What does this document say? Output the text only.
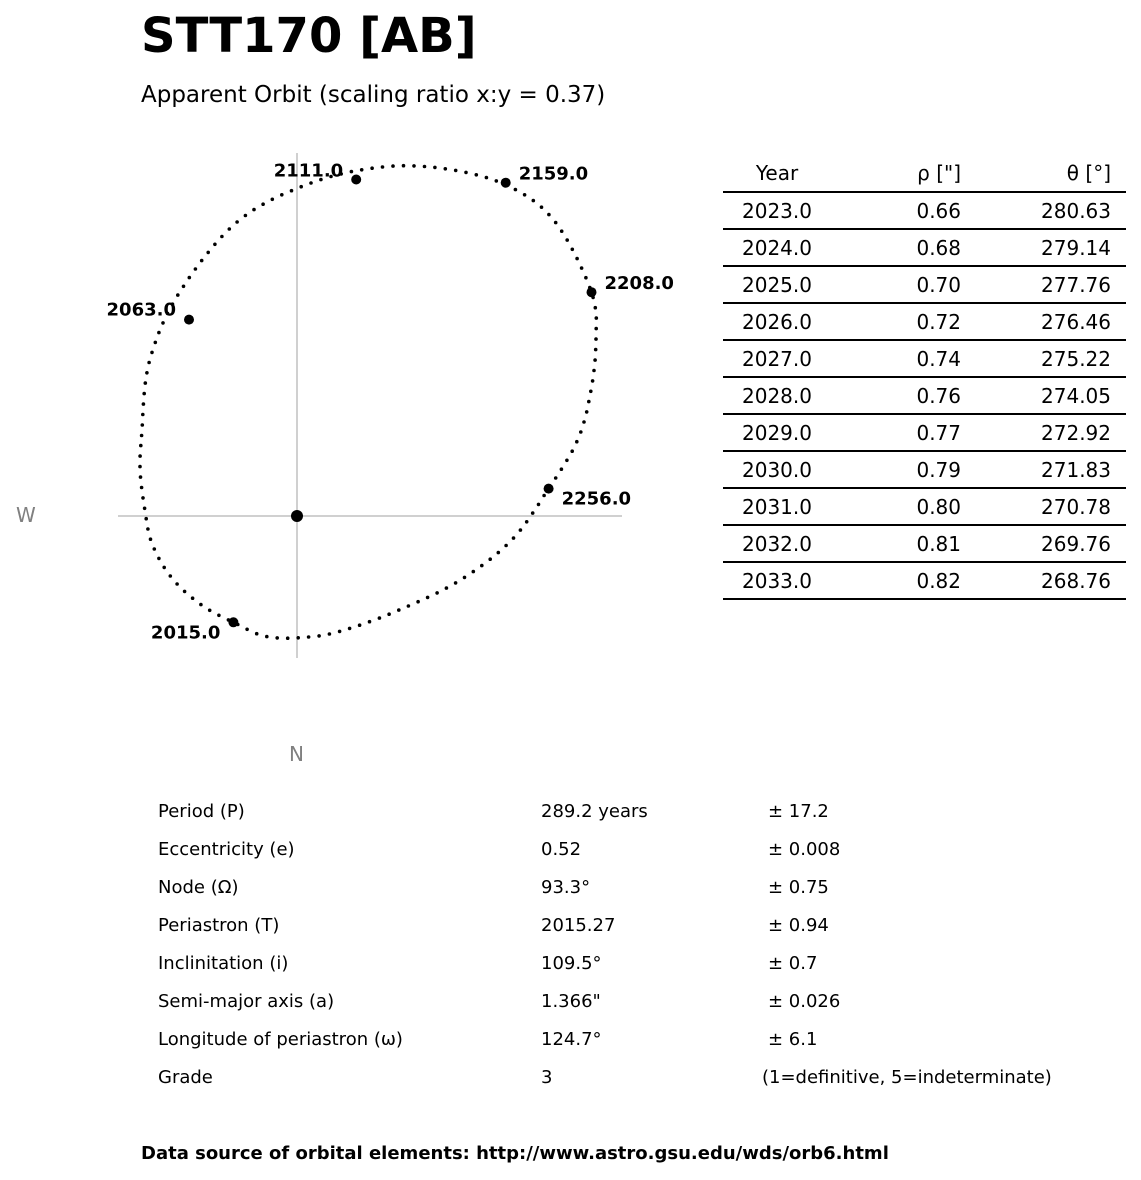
STT170 [AB]
Apparent Orbit (scaling ratio x:y = 0.37)
2015.0
2063.0
2111.0	2159.0
2208.0
2256.0
W
N
Year	ρ ["]	θ [°]
2023.0	0.66	280.63
2024.0	0.68	279.14
2025.0	0.70	277.76
2026.0	0.72	276.46
2027.0	0.74	275.22
2028.0	0.76	274.05
2029.0	0.77	272.92
2030.0	0.79	271.83
2031.0	0.80	270.78
2032.0	0.81	269.76
2033.0	0.82	268.76
Period (P)	289.2 years	± 17.2
Eccentricity (e)	0.52	± 0.008
Node (Ω)	93.3°	± 0.75
Periastron (T)	2015.27	± 0.94
Inclinitation (i)	109.5°	± 0.7
Semi-major axis (a)	1.366"	± 0.026
Longitude of periastron (ω)	124.7°	± 6.1
Grade	3	(1=definitive, 5=indeterminate)
Data source of orbital elements: http://www.astro.gsu.edu/wds/orb6.html
